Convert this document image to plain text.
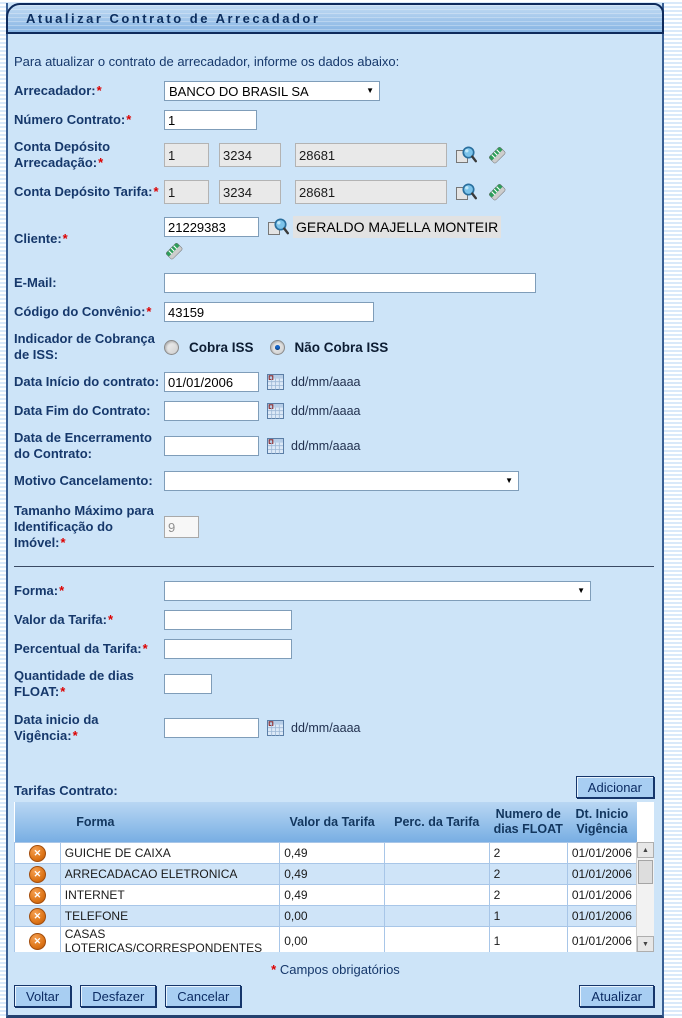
Atualizar Contrato de Arrecadador
Para atualizar o contrato de arrecadador, informe os dados abaixo:
Arrecadador:*	BANCO DO BRASIL SA	▼
Número Contrato:*
1
Conta Depósito Arrecadação:*
1
3234
28681
Conta Depósito Tarifa:*
1
3234
28681
Cliente:*
21229383
GERALDO MAJELLA MONTEIR
E-Mail:
Código do Convênio:*
43159
Indicador de Cobrança de ISS:	Cobra ISS	Não Cobra ISS
Data Início do contrato:
01/01/2006	dd/mm/aaaa
Data Fim do Contrato:	dd/mm/aaaa
Data de Encerramento do Contrato:	dd/mm/aaaa
Motivo Cancelamento:	▼
Tamanho Máximo para Identificação do Imóvel:*
9
Forma:*	▼
Valor da Tarifa:*
Percentual da Tarifa:*
Quantidade de dias FLOAT:*
Data inicio da Vigência:*	dd/mm/aaaa
Tarifas Contrato:	Adicionar
	Forma	Valor da Tarifa	Perc. da Tarifa	Numero de dias FLOAT	Dt. Inicio Vigência

✕	GUICHE DE CAIXA	0,49		2	01/01/2006

✕	ARRECADACAO ELETRONICA	0,49		2	01/01/2006

✕	INTERNET	0,49		2	01/01/2006

✕	TELEFONE	0,00		1	01/01/2006

✕	CASAS LOTERICAS/CORRESPONDENTES	0,00		1	01/01/2006
▲
▼
* Campos obrigatórios
Voltar	Desfazer	Cancelar	Atualizar
